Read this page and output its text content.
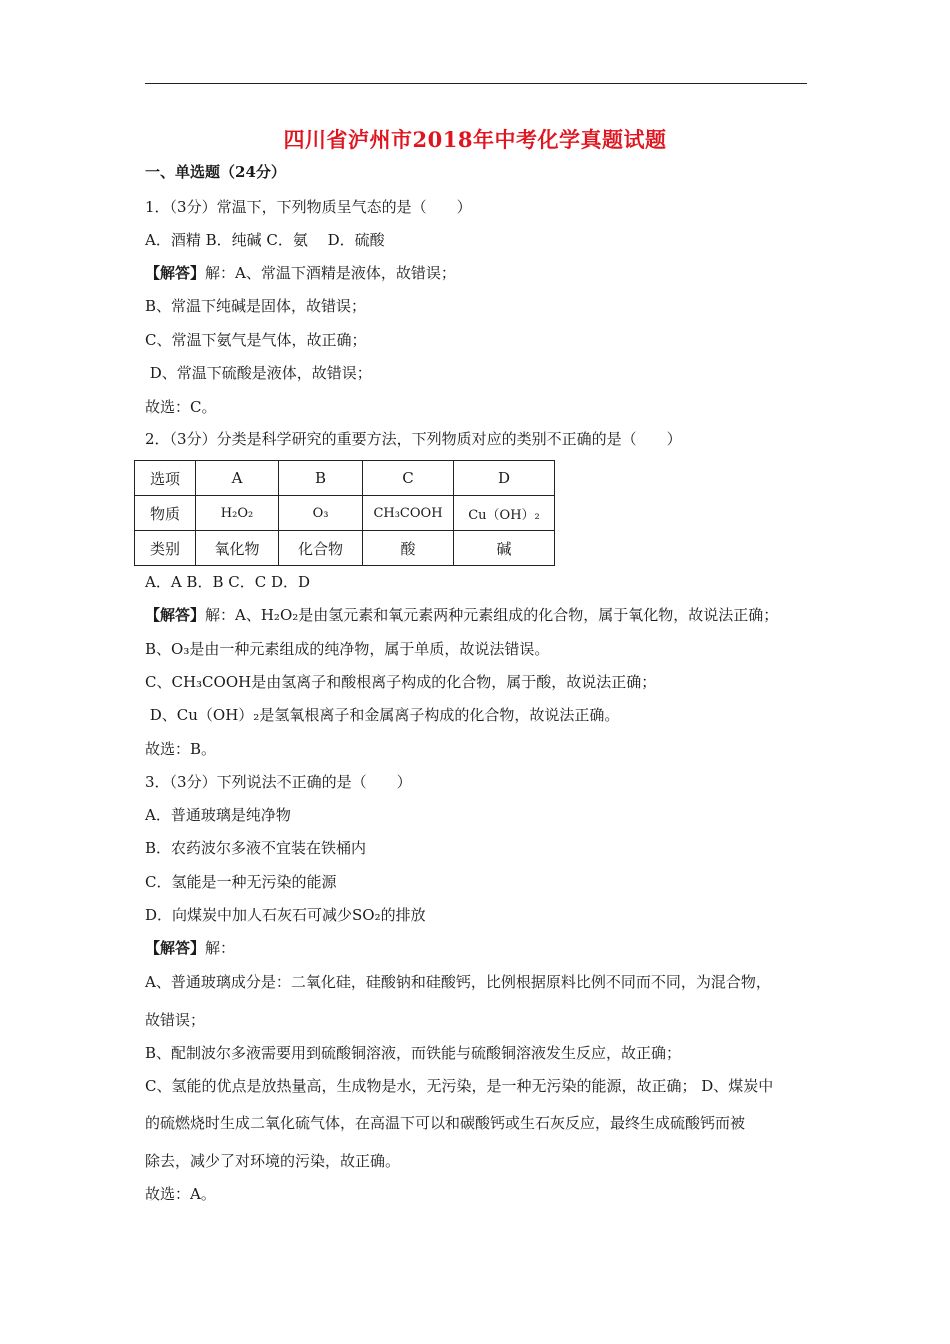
四川省泸州市2018年中考化学真题试题
一、单选题（24分）
1．（3分）常温下，下列物质呈气态的是（　　）
A．酒精 B．纯碱 C．氨　 D．硫酸
【解答】解：A、常温下酒精是液体，故错误；
B、常温下纯碱是固体，故错误；
C、常温下氨气是气体，故正确；
D、常温下硫酸是液体，故错误；
故选：C。
2．（3分）分类是科学研究的重要方法，下列物质对应的类别不正确的是（　　）
选项	A	B	C	D
物质	H₂O₂	O₃	CH₃COOH	Cu（OH）₂
类别	氧化物	化合物	酸	碱
A．A B．B C．C D．D
【解答】解：A、H₂O₂是由氢元素和氧元素两种元素组成的化合物，属于氧化物，故说法正确；
B、O₃是由一种元素组成的纯净物，属于单质，故说法错误。
C、CH₃COOH是由氢离子和酸根离子构成的化合物，属于酸，故说法正确；
D、Cu（OH）₂是氢氧根离子和金属离子构成的化合物，故说法正确。
故选：B。
3．（3分）下列说法不正确的是（　　）
A．普通玻璃是纯净物
B．农药波尔多液不宜装在铁桶内
C．氢能是一种无污染的能源
D．向煤炭中加人石灰石可减少SO₂的排放
【解答】解：
A、普通玻璃成分是：二氧化硅，硅酸钠和硅酸钙，比例根据原料比例不同而不同，为混合物，
故错误；
B、配制波尔多液需要用到硫酸铜溶液，而铁能与硫酸铜溶液发生反应，故正确；
C、氢能的优点是放热量高，生成物是水，无污染，是一种无污染的能源，故正确； D、煤炭中
的硫燃烧时生成二氧化硫气体，在高温下可以和碳酸钙或生石灰反应，最终生成硫酸钙而被
除去，减少了对环境的污染，故正确。
故选：A。
